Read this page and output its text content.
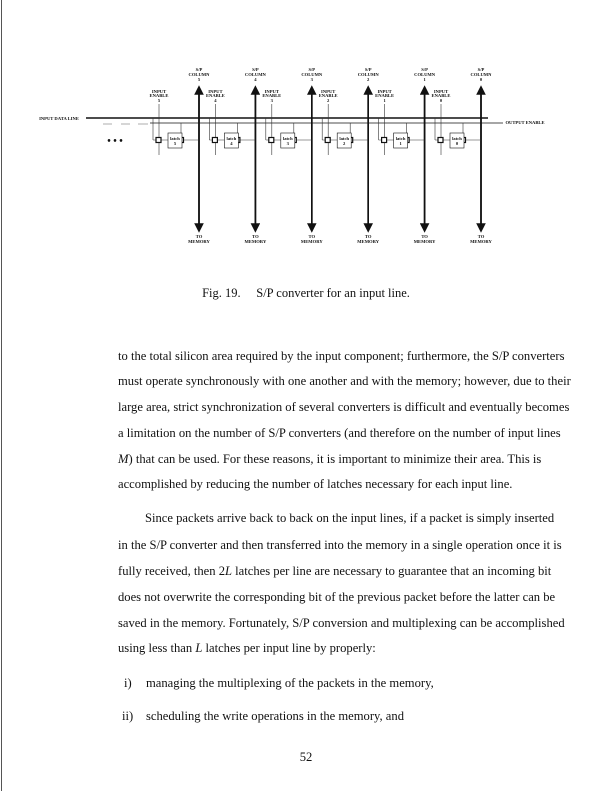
INPUT DATA LINE
OUTPUT ENABLE
• • •
S/P
COLUMN
5
TO
MEMORY
INPUT
ENABLE
5
latch
5
S/P
COLUMN
4
TO
MEMORY
INPUT
ENABLE
4
latch
4
S/P
COLUMN
3
TO
MEMORY
INPUT
ENABLE
3
latch
3
S/P
COLUMN
2
TO
MEMORY
INPUT
ENABLE
2
latch
2
S/P
COLUMN
1
TO
MEMORY
INPUT
ENABLE
1
latch
1
S/P
COLUMN
0
TO
MEMORY
INPUT
ENABLE
0
latch
0
Fig. 19. S/P converter for an input line.
to the total silicon area required by the input component; furthermore, the S/P converters
must operate synchronously with one another and with the memory; however, due to their
large area, strict synchronization of several converters is difficult and eventually becomes
a limitation on the number of S/P converters (and therefore on the number of input lines
M) that can be used. For these reasons, it is important to minimize their area. This is
accomplished by reducing the number of latches necessary for each input line.
Since packets arrive back to back on the input lines, if a packet is simply inserted
in the S/P converter and then transferred into the memory in a single operation once it is
fully received, then 2L latches per line are necessary to guarantee that an incoming bit
does not overwrite the corresponding bit of the previous packet before the latter can be
saved in the memory. Fortunately, S/P conversion and multiplexing can be accomplished
using less than L latches per input line by properly:
i) managing the multiplexing of the packets in the memory,
ii) scheduling the write operations in the memory, and
52
